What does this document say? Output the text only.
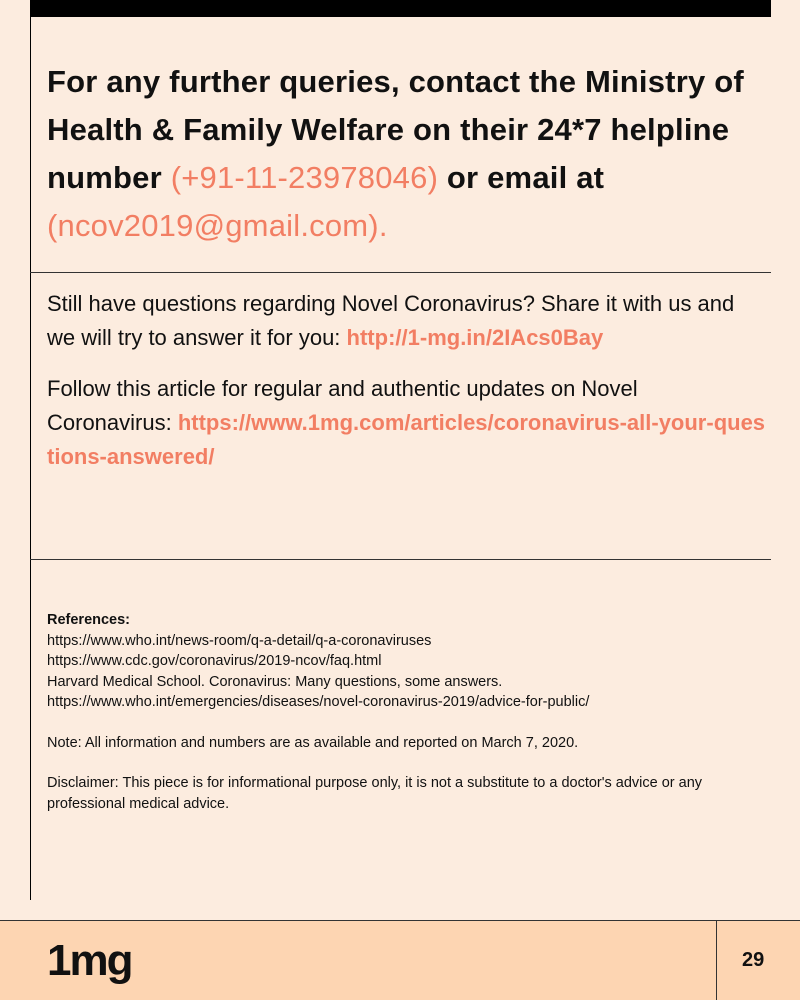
For any further queries, contact the Ministry of Health & Family Welfare on their 24*7 helpline number (+91-11-23978046) or email at (ncov2019@gmail.com).
Still have questions regarding Novel Coronavirus? Share it with us and we will try to answer it for you: http://1-mg.in/2IAcs0Bay
Follow this article for regular and authentic updates on Novel Coronavirus: https://www.1mg.com/articles/coronavirus-all-your-questions-answered/
References:
https://www.who.int/news-room/q-a-detail/q-a-coronaviruses
https://www.cdc.gov/coronavirus/2019-ncov/faq.html
Harvard Medical School. Coronavirus: Many questions, some answers.
https://www.who.int/emergencies/diseases/novel-coronavirus-2019/advice-for-public/
Note: All information and numbers are as available and reported on March 7, 2020.
Disclaimer: This piece is for informational purpose only, it is not a substitute to a doctor's advice or any professional medical advice.
1mg	29
